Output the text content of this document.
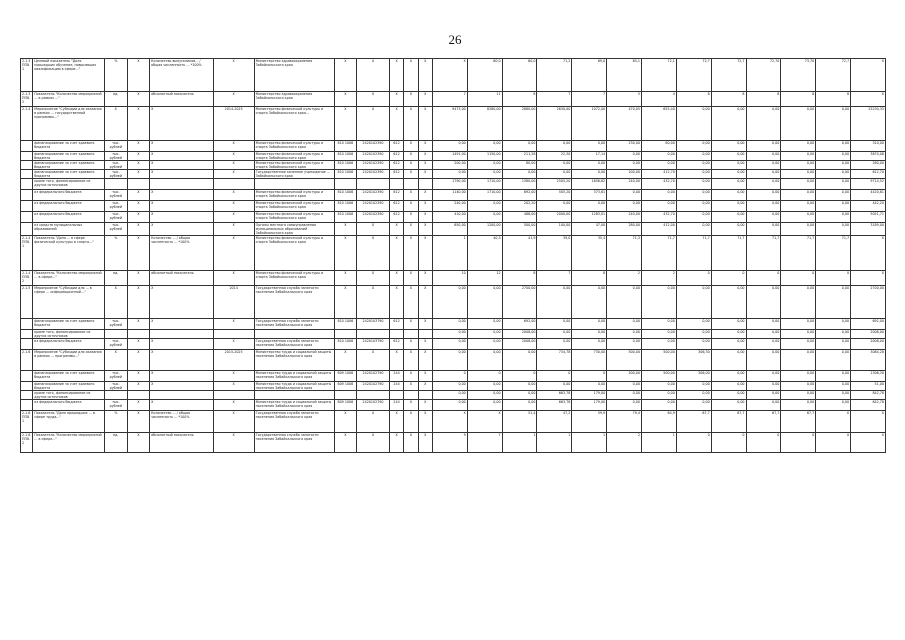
26
2.1.3 ПП8.1	Целевой показатель "Доля прошедших обучение, повысивших квалификацию в сфере..."	%	Х	Количество выпускников... / общая численность ... *100%	Х	Министерство здравоохранения Забайкальского края	Х	Х	Х	Х	Х	Х	60,0	60,0	71,2	69,0	65,1	72,1	72,7	72,7	72,70	73,70	72,7	Х
2.1.3 ПП8.2	Показатель "Количество мероприятий ... в рамках ..."	ед.	Х	абсолютный показатель	Х	Министерство здравоохранения Забайкальского края	Х	Х	Х	Х	Х	7	11	8	7	7	5	4	8	8	8	8	8	Х
2.1.4	Мероприятие "Субсидии для оказания в рамках ... государственной программы..."	Х	Х	Х	2014-2025	Министерство физической культуры и спорта Забайкальского края...	Х	Х	Х	Х	Х	9473,00	8280,00	2880,00	2630,00	1072,00	470,05	655,40	0,00	0,00	0,00	0,00	0,00	25230,35
	финансирование за счет краевого бюджета	тыс. рублей	Х	Х	Х	Министерство физической культуры и спорта Забайкальского края	810 1006	2420102390	612	Х	Х	0,00	0,00	0,00	0,00	0,00	230,00	80,00	0,00	0,00	0,00	0,00	0,00	310,00
	финансирование за счет краевого бюджета	тыс. рублей	Х	Х	Х	Министерство физической культуры и спорта Забайкальского края	810 1006	2420102390	612	Х	Х	1491,00	1150,00	211,28	22,30	17,14	0,00	0,00	0,00	0,00	0,00	0,00	0,00	3870,08
	финансирование за счет краевого бюджета	тыс. рублей	Х	Х	Х	Министерство физической культуры и спорта Забайкальского края	810 1006	2420102390	612	Х	Х	200,00	0,00	80,00	0,00	0,00	0,00	0,00	0,00	0,00	0,00	0,00	0,00	280,00
	финансирование за счет краевого бюджета	тыс. рублей	Х	Х	Х	Государственное казенное учреждение ... Забайкальского края	810 1006	2420102390	612	Х	Х	0,00	0,00	0,00	0,00	0,00	200,00	412,70	0,00	0,00	0,00	0,00	0,00	612,70
	кроме того, финансирование из других источников											1790,00	1710,00	1380,00	2505,20	1656,62	240,00	432,70	0,00	0,00	0,00	0,00	0,00	9714,52
	из федерального бюджета	тыс. рублей	Х	Х	Х	Министерство физической культуры и спорта Забайкальского края	810 1006	2420102390	612	Х	Х	1140,00	1710,00	692,00	505,20	373,61	0,00	0,00	0,00	0,00	0,00	0,00	0,00	4420,81
	из федерального бюджета	тыс. рублей	Х	Х	Х	Министерство физической культуры и спорта Забайкальского края	810 1006	2420102390	612	Х	Х	240,00	0,00	202,20	0,00	0,00	0,00	0,00	0,00	0,00	0,00	0,00	0,00	442,20
	из федерального бюджета	тыс. рублей	Х	Х	Х	Министерство физической культуры и спорта Забайкальского края	810 1006	2420102390	612	Х	Х	410,00	0,00	486,00	2000,00	1283,01	240,00	432,70	0,00	0,00	0,00	0,00	0,00	5051,71
	из средств муниципальных образований	тыс. рублей	Х	Х	Х	Органы местного самоуправления муниципальных образований Забайкальского края	Х	Х	Х	Х	Х	650,00	1200,00	500,00	100,00	47,00	280,00	412,00	0,00	0,00	0,00	0,00	0,00	3189,00
2.1.4 ПП8.1	Показатель "Доля ... в сфере физической культуры и спорта..."	%	Х	Количество ... / общая численность ... *100%	Х	Министерство физической культуры и спорта Забайкальского края	Х	Х	Х	Х	Х	1	40,3	41,9	39,0	35,4	71,3	71,7	71,7	71,7	71,7	71,7	71,7	Х
2.1.4 ПП8.2	Показатель "Количество мероприятий ... в сфере..."	ед.	Х	абсолютный показатель	Х	Министерство физической культуры и спорта Забайкальского края	Х	Х	Х	Х	Х	10	12	8	7	8	2	2	0	0	0	0	0	Х
2.1.5	Мероприятие "Субсидии для ... в сфере ... информационной..."	Х	Х	Х	2014	Государственная служба занятости населения Забайкальского края	Х	Х	Х	Х	Х	0,00	0,00	2700,00	0,00	0,00	0,00	0,00	0,00	0,00	0,00	0,00	0,00	2700,00
	финансирование за счет краевого бюджета	тыс. рублей	Х	Х	Х	Государственная служба занятости населения Забайкальского края	810 1006	2420103790	612	Х	Х	0,00	0,00	692,00	0,00	0,00	0,00	0,00	0,00	0,00	0,00	0,00	0,00	692,00
	кроме того, финансирование из других источников											0,00	0,00	2008,00	0,00	0,00	0,00	0,00	0,00	0,00	0,00	0,00	0,00	2008,00
	из федерального бюджета	тыс. рублей	Х	Х	Х	Государственная служба занятости населения Забайкальского края	810 1006	2420103790	612	Х	Х	0,00	0,00	2008,00	0,00	0,00	0,00	0,00	0,00	0,00	0,00	0,00	0,00	2008,00
2.1.6	Мероприятие "Субсидии для оказания в рамках ... программы..."	Х	Х	Х	2015-2025	Министерство труда и социальной защиты населения Забайкальского края	Х	Х	Х	Х	Х	0,00	0,00	0,00	734,78	730,00	500,00	500,00	306,30	0,00	0,00	0,00	0,00	3084,28
	финансирование за счет краевого бюджета	тыс. рублей	Х	Х	Х	Министерство труда и социальной защиты населения Забайкальского края	809 1006	2420102790	244	Х	Х	0	0	0	0	0	500,00	500,00	306,00	0,00	0,00	0,00	0,00	1306,30
	финансирование за счет краевого бюджета	тыс. рублей	Х	Х	Х	Министерство труда и социальной защиты населения Забайкальского края	809 1006	2420102790	244	Х	Х	0,00	0,00	0,00	0,00	0,00	0,00	0,00	0,00	0,00	0,00	0,00	0,00	51,00
	кроме того, финансирование из других источников											0,00	0,00	0,00	663,78	179,00	0,00	0,00	0,00	0,00	0,00	0,00	0,00	842,78
	из федерального бюджета	тыс. рублей	Х	Х	Х	Министерство труда и социальной защиты населения Забайкальского края	809 1006	2420102790	244	Х	Х	0,00	0,00	0,00	663,78	179,00	0,00	0,00	0,00	0,00	0,00	0,00	0,00	842,78
2.1.6 ПП8.1	Показатель "Доля прошедших ... в сфере труда..."	%	Х	Количество ... / общая численность ... *100%	Х	Государственная служба занятости населения Забайкальского края	Х	Х	Х	Х	Х	Х	Х	51,4	47,2	59,9	79,4	64,9	67,7	67,7	67,7	67,7	Х	Х
2.1.6 ПП8.2	Показатель "Количество мероприятий ... в сфере..."	ед.	Х	абсолютный показатель	Х	Государственная служба занятости населения Забайкальского края	Х	Х	Х	Х	Х	9	7	1	1	1	2	1	0	0	0	0	0	Х
